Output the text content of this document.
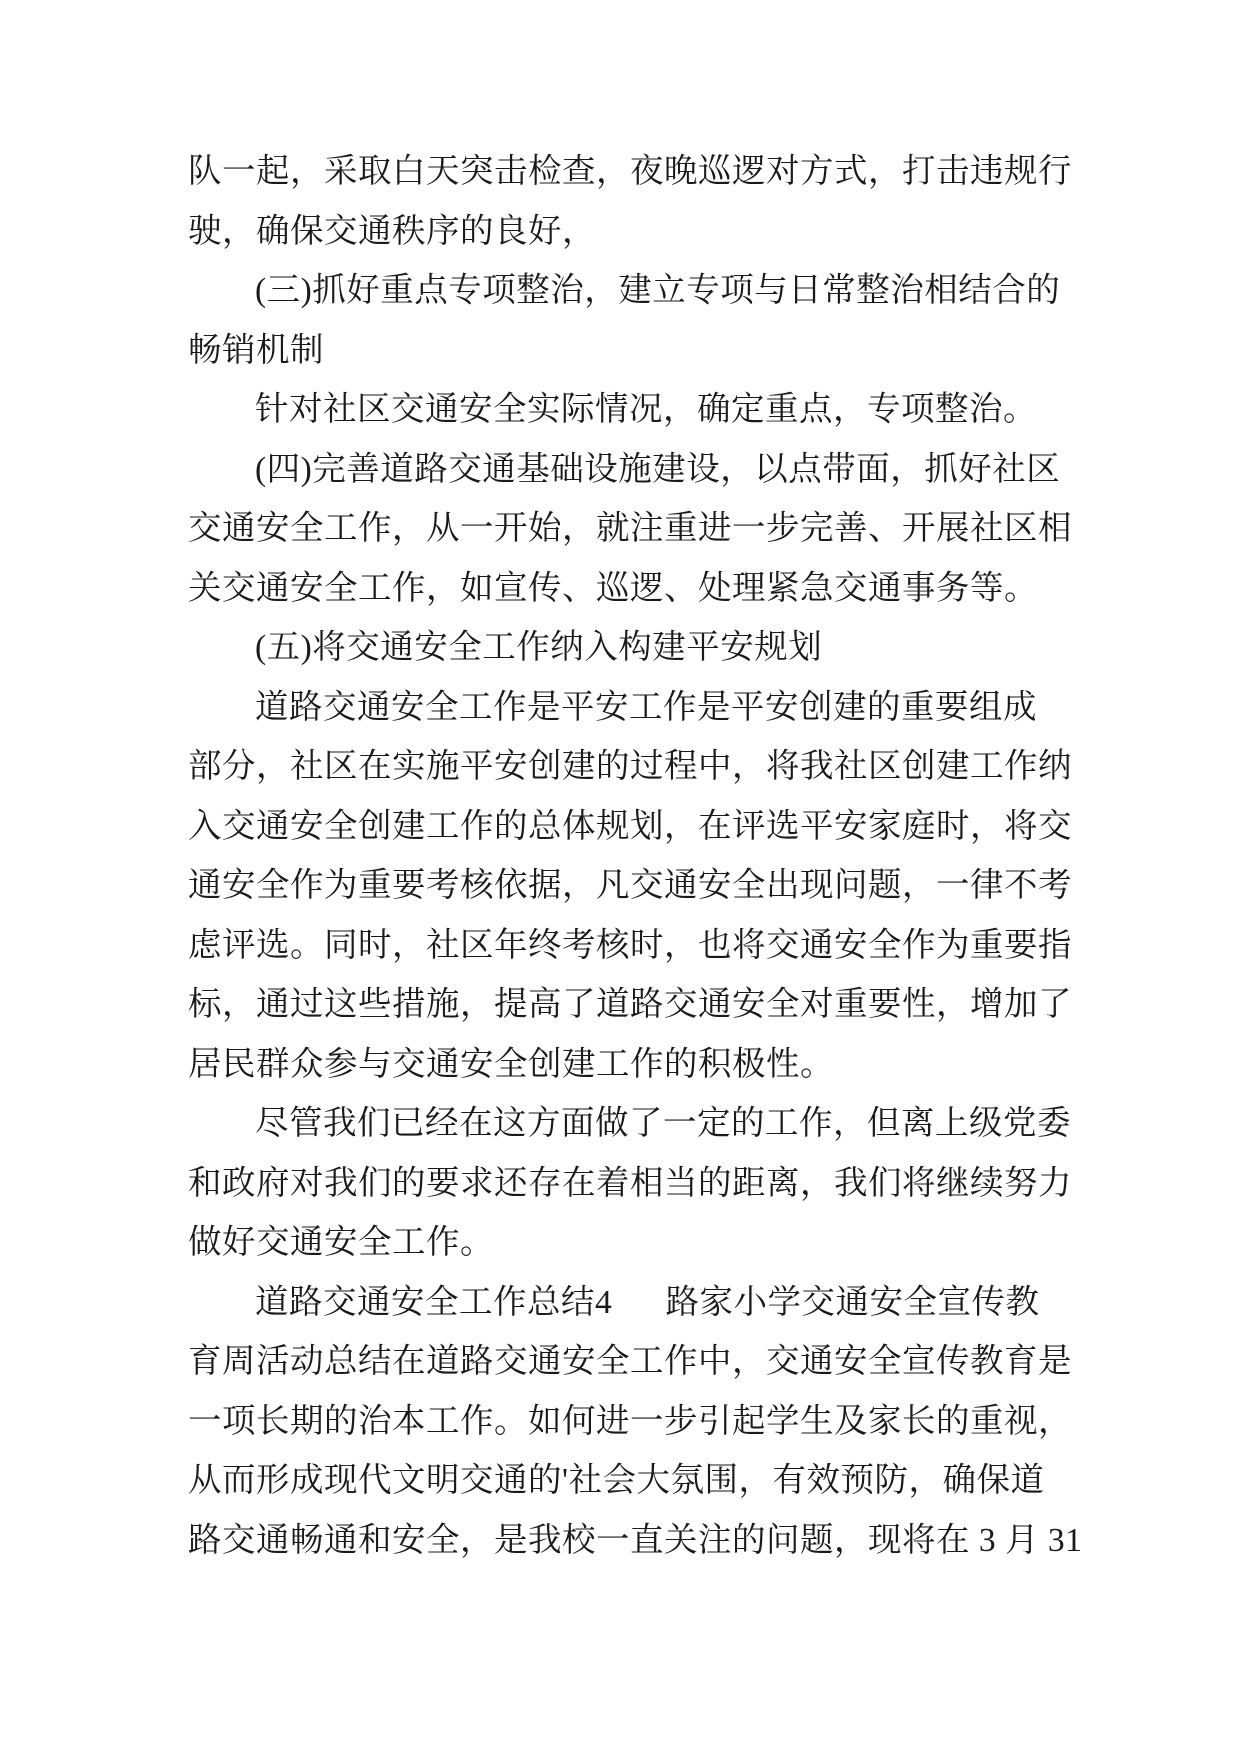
队一起，采取白天突击检查，夜晚巡逻对方式，打击违规行
驶，确保交通秩序的良好，
(三)抓好重点专项整治，建立专项与日常整治相结合的
畅销机制
针对社区交通安全实际情况，确定重点，专项整治。
(四)完善道路交通基础设施建设，以点带面，抓好社区
交通安全工作，从一开始，就注重进一步完善、开展社区相
关交通安全工作，如宣传、巡逻、处理紧急交通事务等。
(五)将交通安全工作纳入构建平安规划
道路交通安全工作是平安工作是平安创建的重要组成
部分，社区在实施平安创建的过程中，将我社区创建工作纳
入交通安全创建工作的总体规划，在评选平安家庭时，将交
通安全作为重要考核依据，凡交通安全出现问题，一律不考
虑评选。同时，社区年终考核时，也将交通安全作为重要指
标，通过这些措施，提高了道路交通安全对重要性，增加了
居民群众参与交通安全创建工作的积极性。
尽管我们已经在这方面做了一定的工作，但离上级党委
和政府对我们的要求还存在着相当的距离，我们将继续努力
做好交通安全工作。
道路交通安全工作总结4      路家小学交通安全宣传教
育周活动总结在道路交通安全工作中，交通安全宣传教育是
一项长期的治本工作。如何进一步引起学生及家长的重视，
从而形成现代文明交通的'社会大氛围，有效预防，确保道
路交通畅通和安全，是我校一直关注的问题，现将在 3 月 31
